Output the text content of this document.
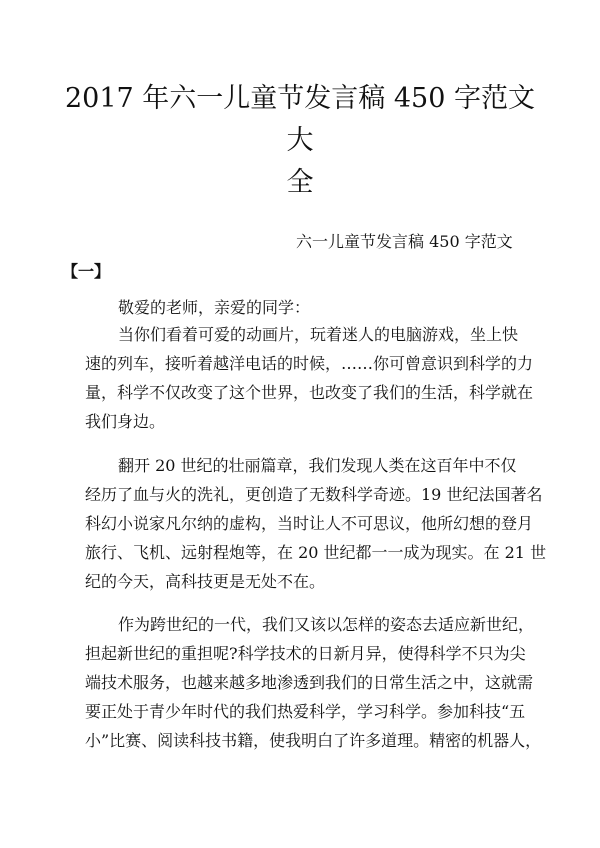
2017 年六一儿童节发言稿 450 字范文大
全
六一儿童节发言稿 450 字范文
【一】
敬爱的老师，亲爱的同学：

当你们看着可爱的动画片，玩着迷人的电脑游戏，坐上快
速的列车，接听着越洋电话的时候，……你可曾意识到科学的力
量，科学不仅改变了这个世界，也改变了我们的生活，科学就在
我们身边。

翻开 20 世纪的壮丽篇章，我们发现人类在这百年中不仅
经历了血与火的洗礼，更创造了无数科学奇迹。19 世纪法国著名
科幻小说家凡尔纳的虚构，当时让人不可思议，他所幻想的登月
旅行、飞机、远射程炮等，在 20 世纪都一一成为现实。在 21 世
纪的今天，高科技更是无处不在。

作为跨世纪的一代，我们又该以怎样的姿态去适应新世纪，
担起新世纪的重担呢?科学技术的日新月异，使得科学不只为尖
端技术服务，也越来越多地渗透到我们的日常生活之中，这就需
要正处于青少年时代的我们热爱科学，学习科学。参加科技“五
小”比赛、阅读科技书籍，使我明白了许多道理。精密的机器人，
